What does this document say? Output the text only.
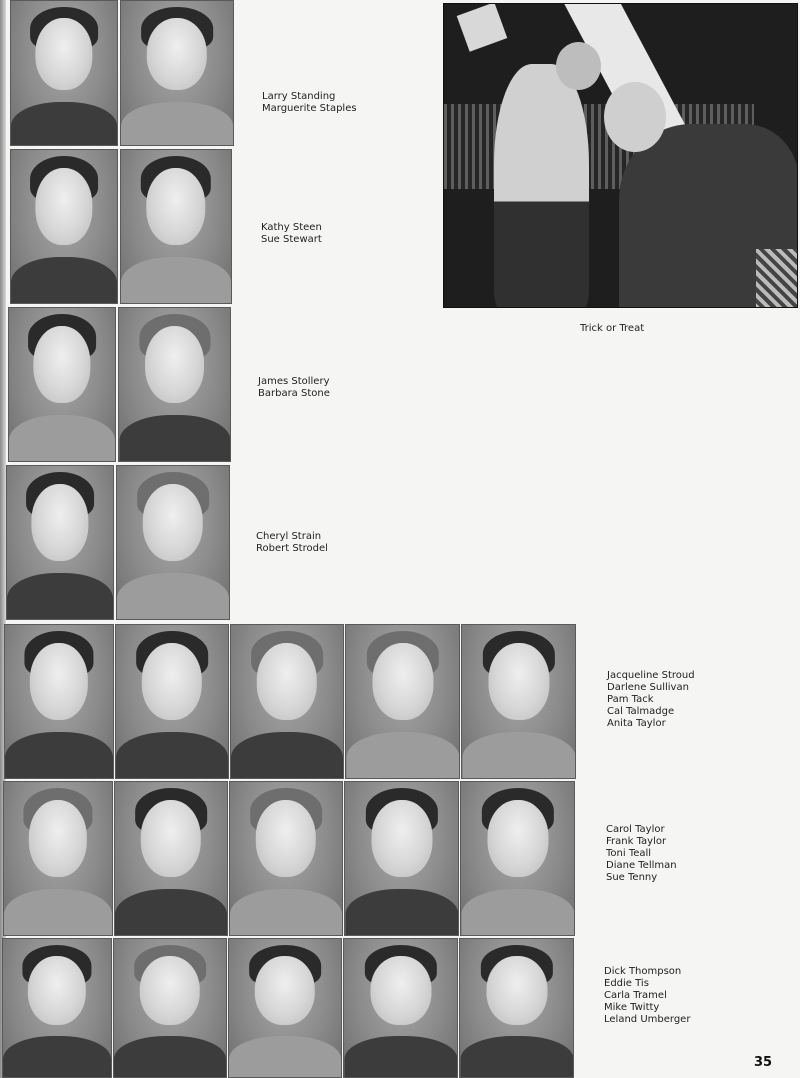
Larry Standing
Marguerite Staples
Kathy Steen
Sue Stewart
James Stollery
Barbara Stone
Cheryl Strain
Robert Strodel
Trick or Treat
Jacqueline Stroud
Darlene Sullivan
Pam Tack
Cal Talmadge
Anita Taylor
Carol Taylor
Frank Taylor
Toni Teall
Diane Tellman
Sue Tenny
Dick Thompson
Eddie Tis
Carla Tramel
Mike Twitty
Leland Umberger
35
